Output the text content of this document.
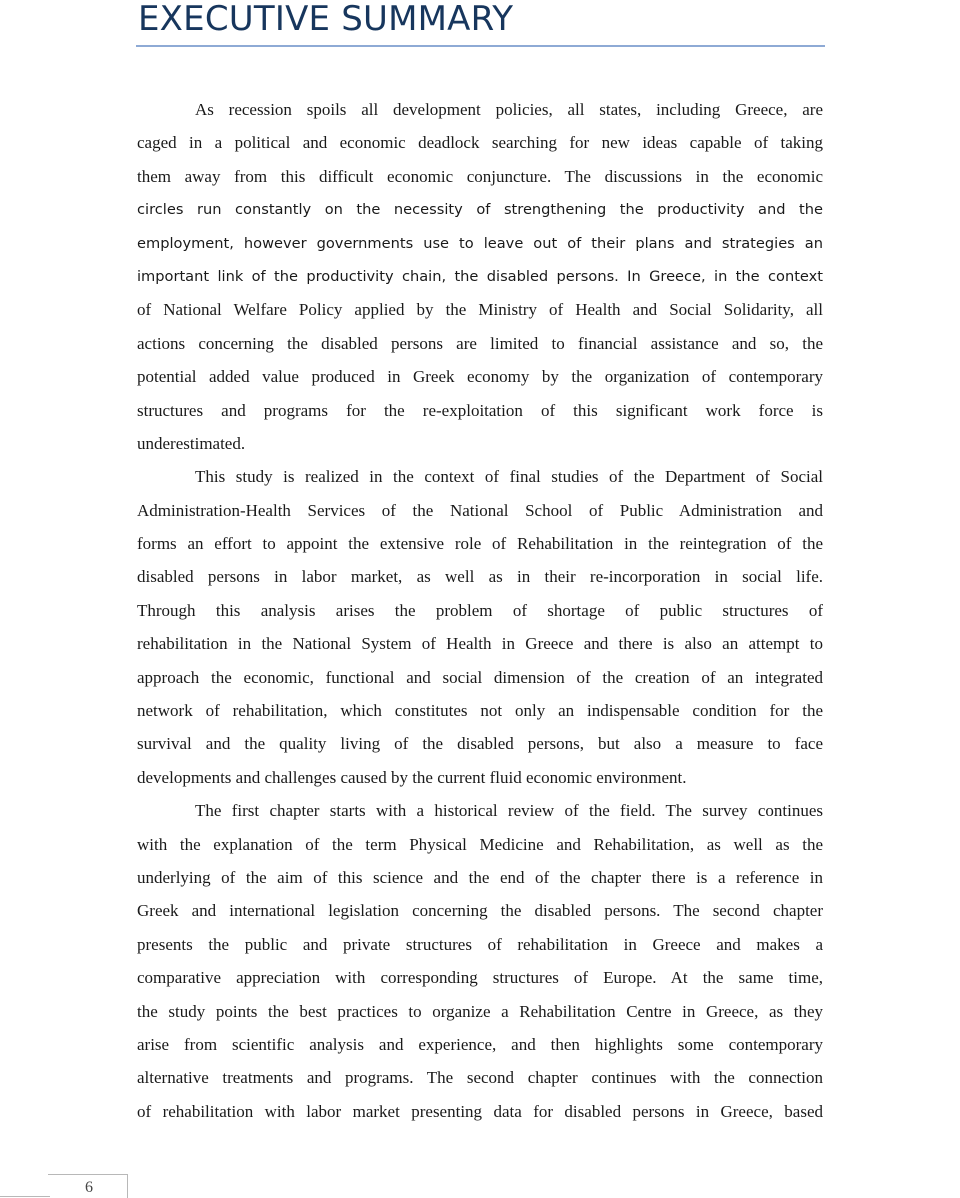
EXECUTIVE SUMMARY
As recession spoils all development policies, all states, including Greece, are
caged in a political and economic deadlock searching for new ideas capable of taking
them away from this difficult economic conjuncture. The discussions in the economic
circles run constantly on the necessity of strengthening the productivity and the
employment, however governments use to leave out of their plans and strategies an
important link of the productivity chain, the disabled persons. In Greece, in the context
of National Welfare Policy applied by the Ministry of Health and Social Solidarity, all
actions concerning the disabled persons are limited to financial assistance and so, the
potential added value produced in Greek economy by the organization of contemporary
structures and programs for the re-exploitation of this significant work force is
underestimated.
This study is realized in the context of final studies of the Department of Social
Administration-Health Services of the National School of Public Administration and
forms an effort to appoint the extensive role of Rehabilitation in the reintegration of the
disabled persons in labor market, as well as in their re-incorporation in social life.
Through this analysis arises the problem of shortage of public structures of
rehabilitation in the National System of Health in Greece and there is also an attempt to
approach the economic, functional and social dimension of the creation of an integrated
network of rehabilitation, which constitutes not only an indispensable condition for the
survival and the quality living of the disabled persons, but also a measure to face
developments and challenges caused by the current fluid economic environment.
The first chapter starts with a historical review of the field. The survey continues
with the explanation of the term Physical Medicine and Rehabilitation, as well as the
underlying of the aim of this science and the end of the chapter there is a reference in
Greek and international legislation concerning the disabled persons. The second chapter
presents the public and private structures of rehabilitation in Greece and makes a
comparative appreciation with corresponding structures of Europe. At the same time,
the study points the best practices to organize a Rehabilitation Centre in Greece, as they
arise from scientific analysis and experience, and then highlights some contemporary
alternative treatments and programs. The second chapter continues with the connection
of rehabilitation with labor market presenting data for disabled persons in Greece, based
6
